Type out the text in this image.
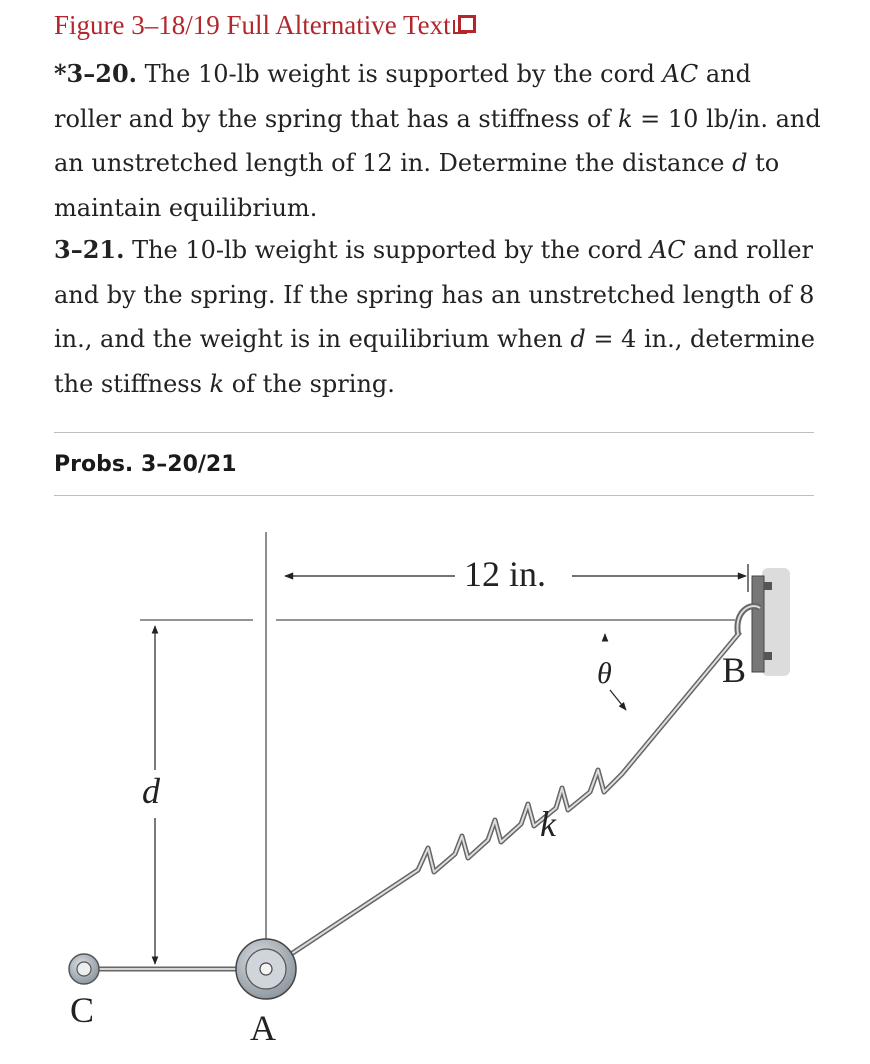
Figure 3–18/19 Full Alternative Text

*3–20. The 10-lb weight is supported by the cord AC and roller and by the spring that has a stiffness of k = 10 lb/in. and an unstretched length of 12 in. Determine the distance d to maintain equilibrium.

3–21. The 10-lb weight is supported by the cord AC and roller and by the spring. If the spring has an unstretched length of 8 in., and the weight is in equilibrium when d = 4 in., determine the stiffness k of the spring.

Probs. 3–20/21
12 in.
d
θ
k
B
C	A
